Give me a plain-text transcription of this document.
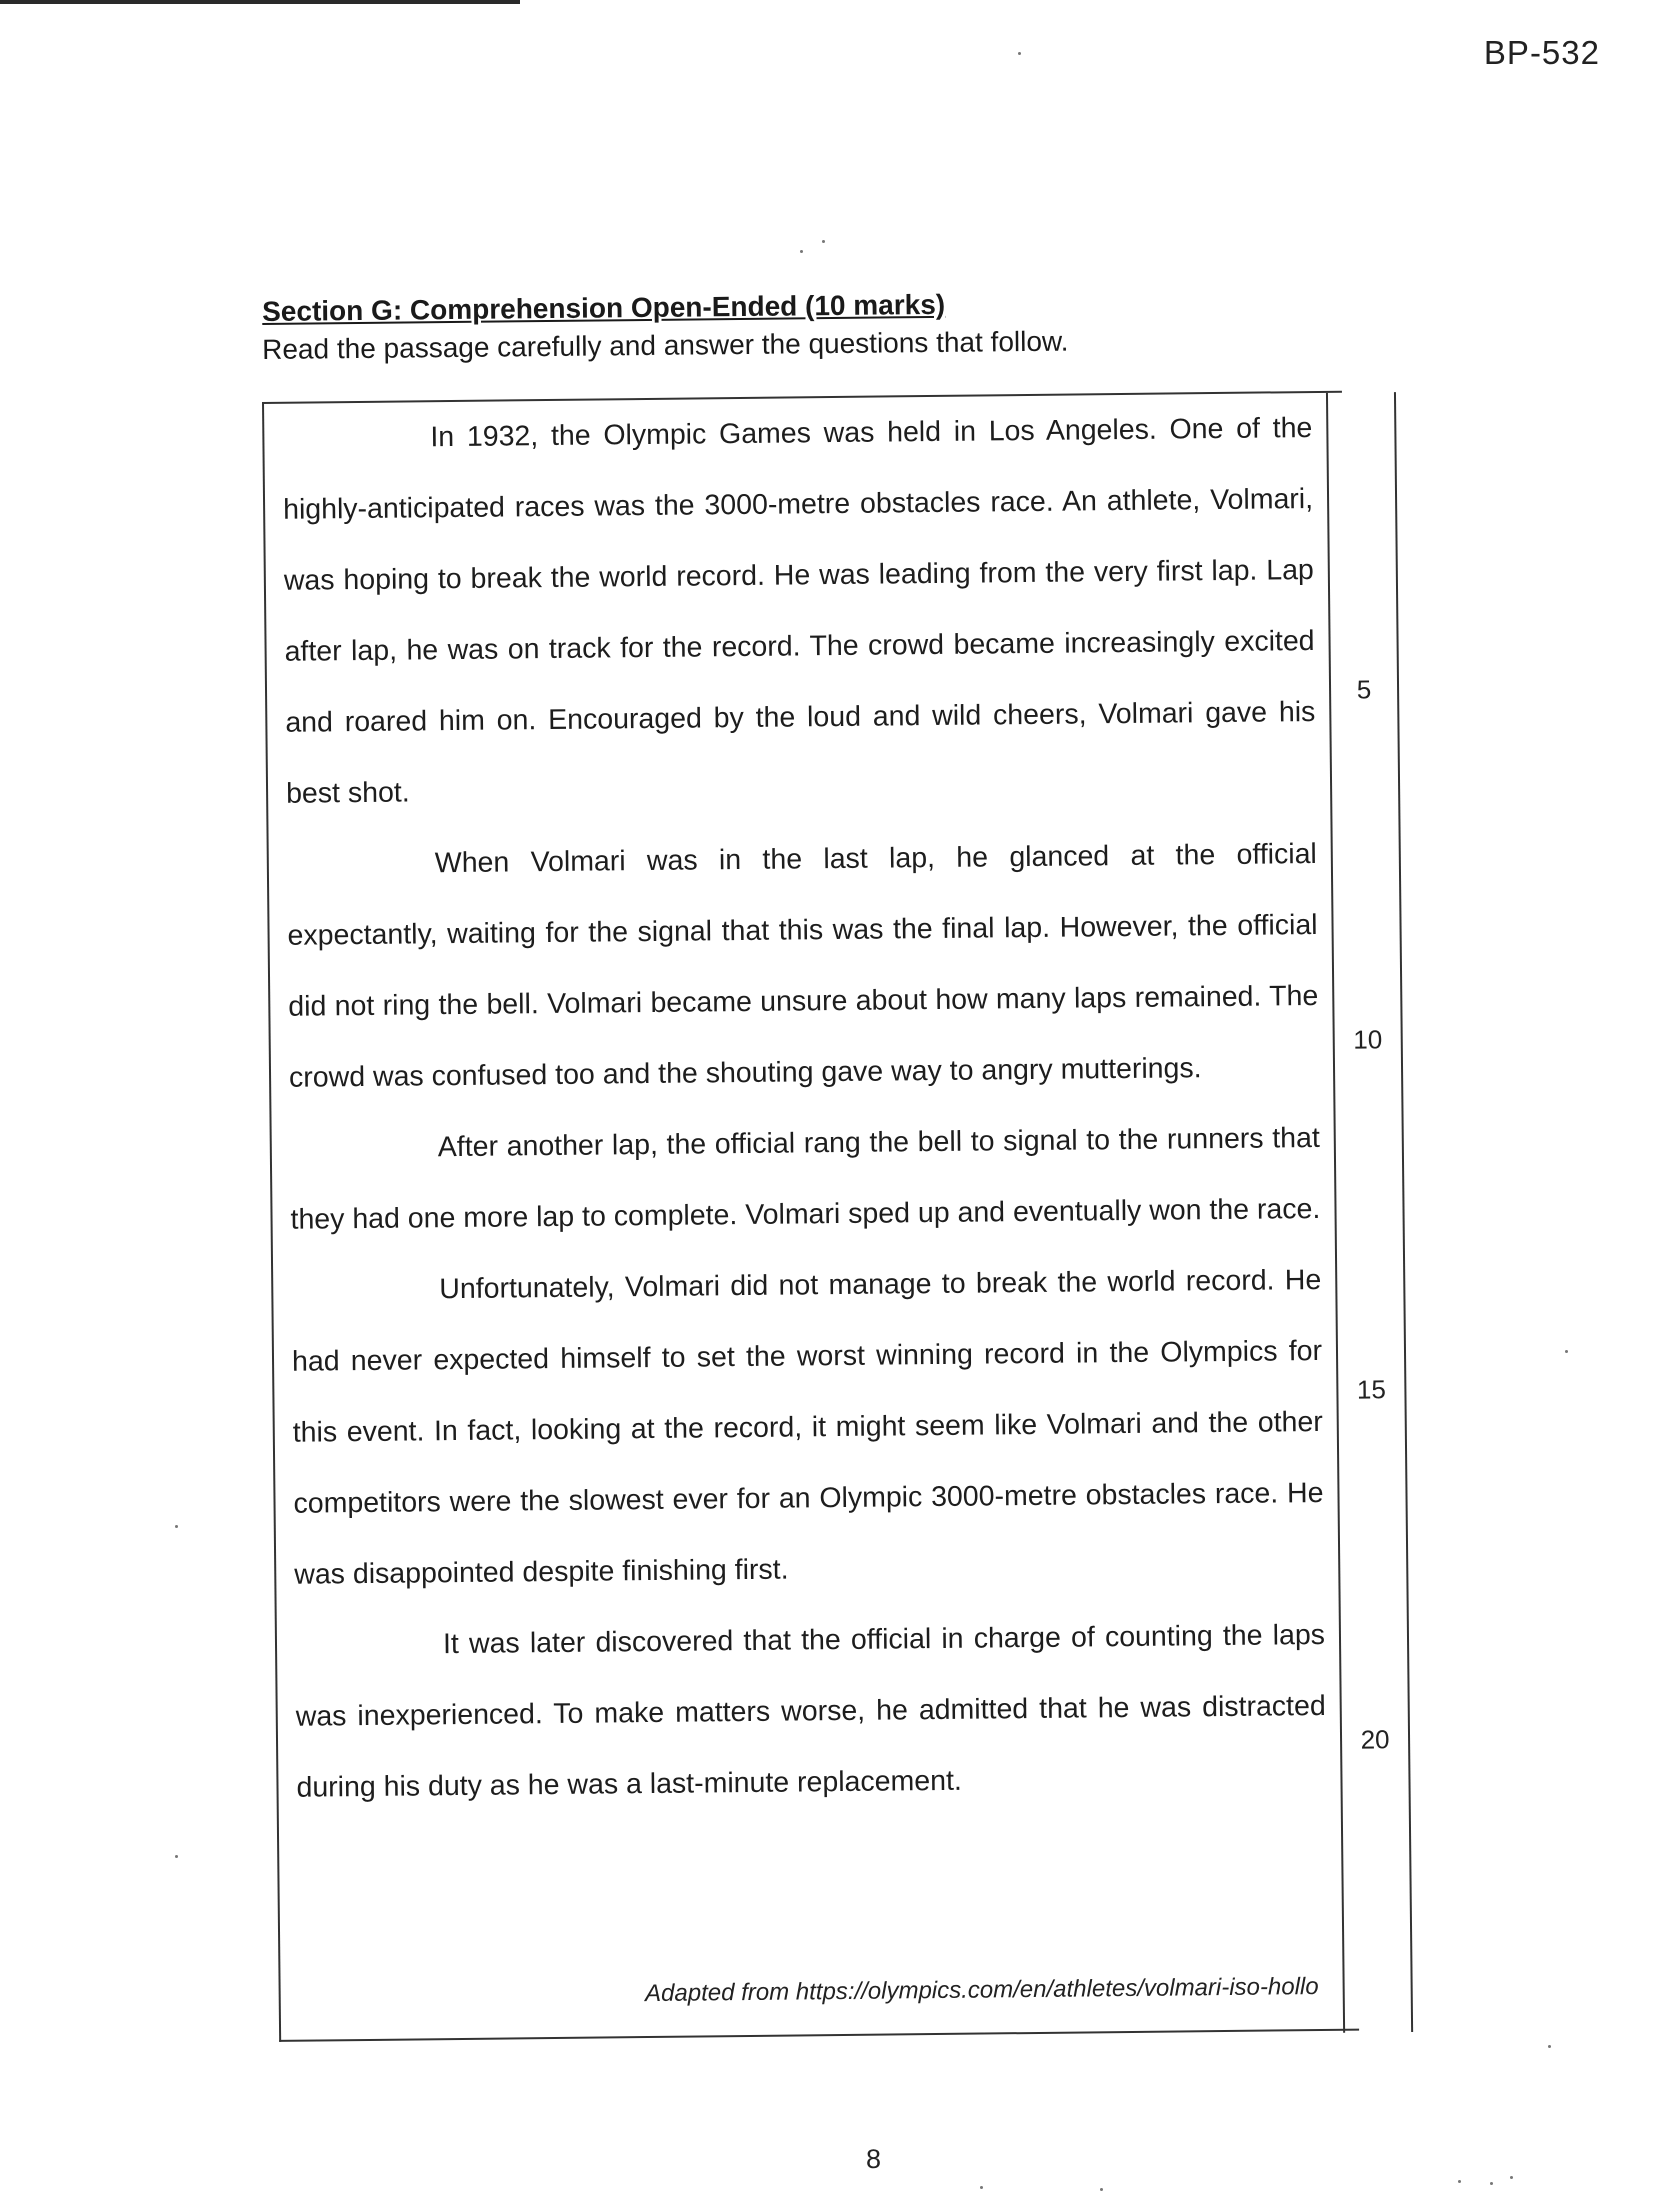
BP-532
Section G: Comprehension Open-Ended (10 marks)
Read the passage carefully and answer the questions that follow.

In 1932, the Olympic Games was held in Los Angeles. One of the highly-anticipated races was the 3000-metre obstacles race. An athlete, Volmari, was hoping to break the world record. He was leading from the very first lap. Lap after lap, he was on track for the record. The crowd became increasingly excited and roared him on. Encouraged by the loud and wild cheers, Volmari gave his best shot.

When Volmari was in the last lap, he glanced at the official expectantly, waiting for the signal that this was the final lap. However, the official did not ring the bell. Volmari became unsure about how many laps remained. The crowd was confused too and the shouting gave way to angry mutterings.

After another lap, the official rang the bell to signal to the runners that they had one more lap to complete. Volmari sped up and eventually won the race.

Unfortunately, Volmari did not manage to break the world record. He had never expected himself to set the worst winning record in the Olympics for this event. In fact, looking at the record, it might seem like Volmari and the other competitors were the slowest ever for an Olympic 3000-metre obstacles race. He was disappointed despite finishing first.

It was later discovered that the official in charge of counting the laps was inexperienced. To make matters worse, he admitted that he was distracted during his duty as he was a last-minute replacement.

5
10
15
20
Adapted from https://olympics.com/en/athletes/volmari-iso-hollo
8
